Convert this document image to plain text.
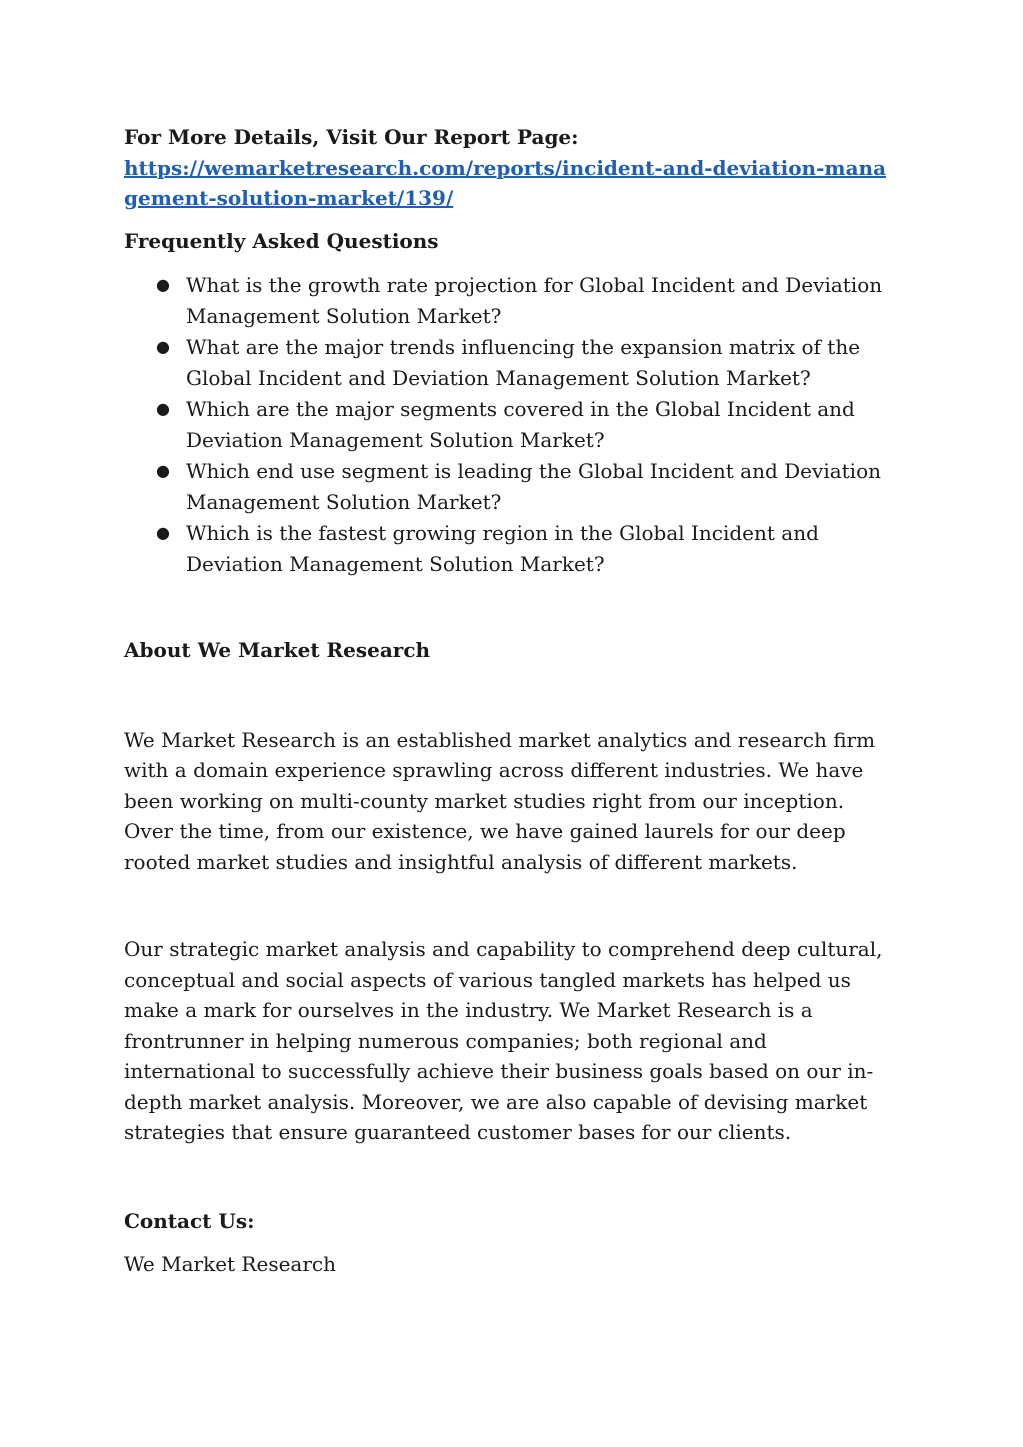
For More Details, Visit Our Report Page:
https://wemarketresearch.com/reports/incident-and-deviation-management-solution-market/139/
Frequently Asked Questions
● What is the growth rate projection for Global Incident and Deviation Management Solution Market?
● What are the major trends influencing the expansion matrix of the Global Incident and Deviation Management Solution Market?
● Which are the major segments covered in the Global Incident and Deviation Management Solution Market?
● Which end use segment is leading the Global Incident and Deviation Management Solution Market?
● Which is the fastest growing region in the Global Incident and Deviation Management Solution Market?
About We Market Research

We Market Research is an established market analytics and research firm with a domain experience sprawling across different industries. We have been working on multi-county market studies right from our inception. Over the time, from our existence, we have gained laurels for our deep rooted market studies and insightful analysis of different markets.

Our strategic market analysis and capability to comprehend deep cultural, conceptual and social aspects of various tangled markets has helped us make a mark for ourselves in the industry. We Market Research is a frontrunner in helping numerous companies; both regional and international to successfully achieve their business goals based on our in-depth market analysis. Moreover, we are also capable of devising market strategies that ensure guaranteed customer bases for our clients.

Contact Us:
We Market Research
